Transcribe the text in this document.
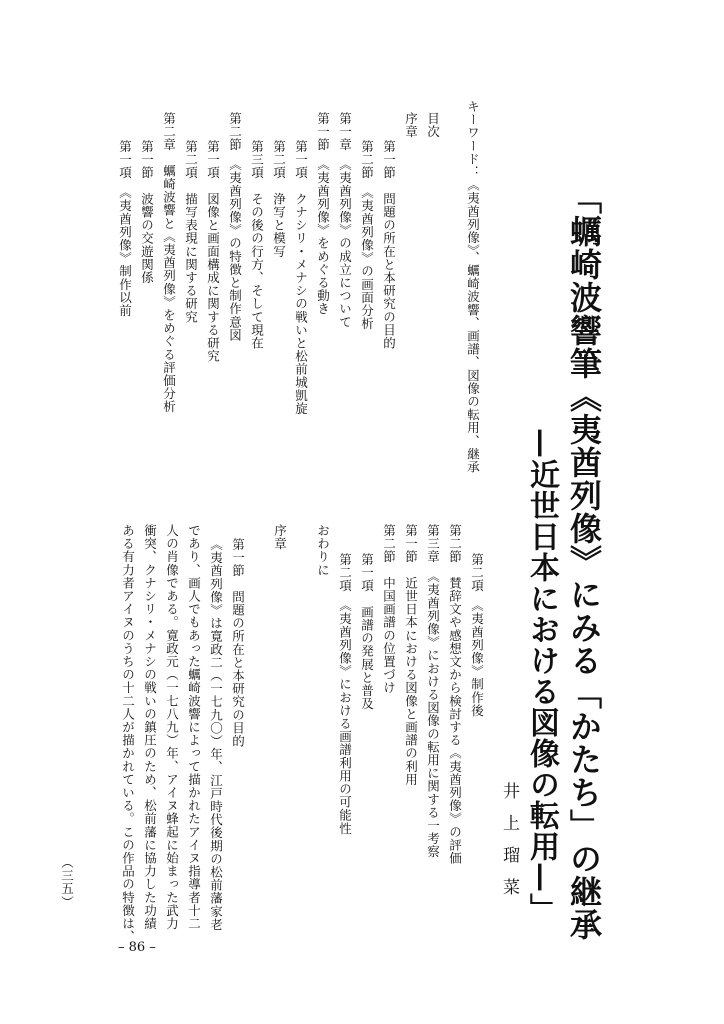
「蠣崎波響筆《夷酋列像》にみる「かたち」の継承
—近世日本における図像の転用—」
井上瑠菜
キーワード：《夷酋列像》、蠣崎波響、画譜、図像の転用、継承
目次
序章
第一節　問題の所在と本研究の目的
第二節　《夷酋列像》の画面分析
第一章　《夷酋列像》の成立について
第一節　《夷酋列像》をめぐる動き
第一項　クナシリ・メナシの戦いと松前城凱旋
第二項　浄写と模写
第三項　その後の行方、そして現在
第二節　《夷酋列像》の特徴と制作意図
第一項　図像と画面構成に関する研究
第二項　描写表現に関する研究
第二章　蠣崎波響と《夷酋列像》をめぐる評価分析
第一節　波響の交遊関係
第一項　《夷酋列像》制作以前
第二項　《夷酋列像》制作後
第二節　賛辞文や感想文から検討する《夷酋列像》の評価
第三章　《夷酋列像》における図像の転用に関する一考察
第一節　近世日本における図像と画譜の利用
第二節　中国画譜の位置づけ
第一項　画譜の発展と普及
第二項　《夷酋列像》における画譜利用の可能性
おわりに
序章
第一節　問題の所在と本研究の目的
《夷酋列像》は寛政二（一七九〇）年、江戸時代後期の松前藩家老
であり、画人でもあった蠣崎波響によって描かれたアイヌ指導者十二
人の肖像である。寛政元（一七八九）年、アイヌ蜂起に始まった武力
衝突、クナシリ・メナシの戦いの鎮圧のため、松前藩に協力した功績
ある有力者アイヌのうちの十二人が描かれている。この作品の特徴は、
（三五）
– 86 –
